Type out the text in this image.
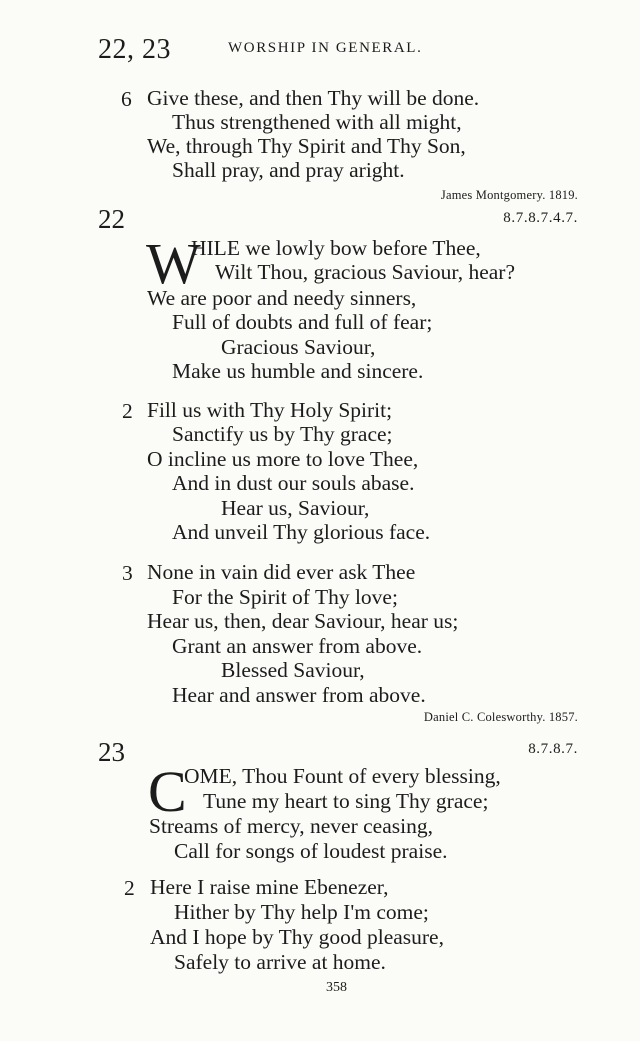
22, 23	WORSHIP IN GENERAL.
6 Give these, and then Thy will be done.
Thus strengthened with all might,
We, through Thy Spirit and Thy Son,
Shall pray, and pray aright.
James Montgomery. 1819.
22	8.7.8.7.4.7.
W
HILE we lowly bow before Thee,
Wilt Thou, gracious Saviour, hear?
We are poor and needy sinners,
Full of doubts and full of fear;
Gracious Saviour,
Make us humble and sincere.
2 Fill us with Thy Holy Spirit;
Sanctify us by Thy grace;
O incline us more to love Thee,
And in dust our souls abase.
Hear us, Saviour,
And unveil Thy glorious face.
3 None in vain did ever ask Thee
For the Spirit of Thy love;
Hear us, then, dear Saviour, hear us;
Grant an answer from above.
Blessed Saviour,
Hear and answer from above.
Daniel C. Colesworthy. 1857.
23	8.7.8.7.
C
OME, Thou Fount of every blessing,
Tune my heart to sing Thy grace;
Streams of mercy, never ceasing,
Call for songs of loudest praise.
2 Here I raise mine Ebenezer,
Hither by Thy help I'm come;
And I hope by Thy good pleasure,
Safely to arrive at home.
358
